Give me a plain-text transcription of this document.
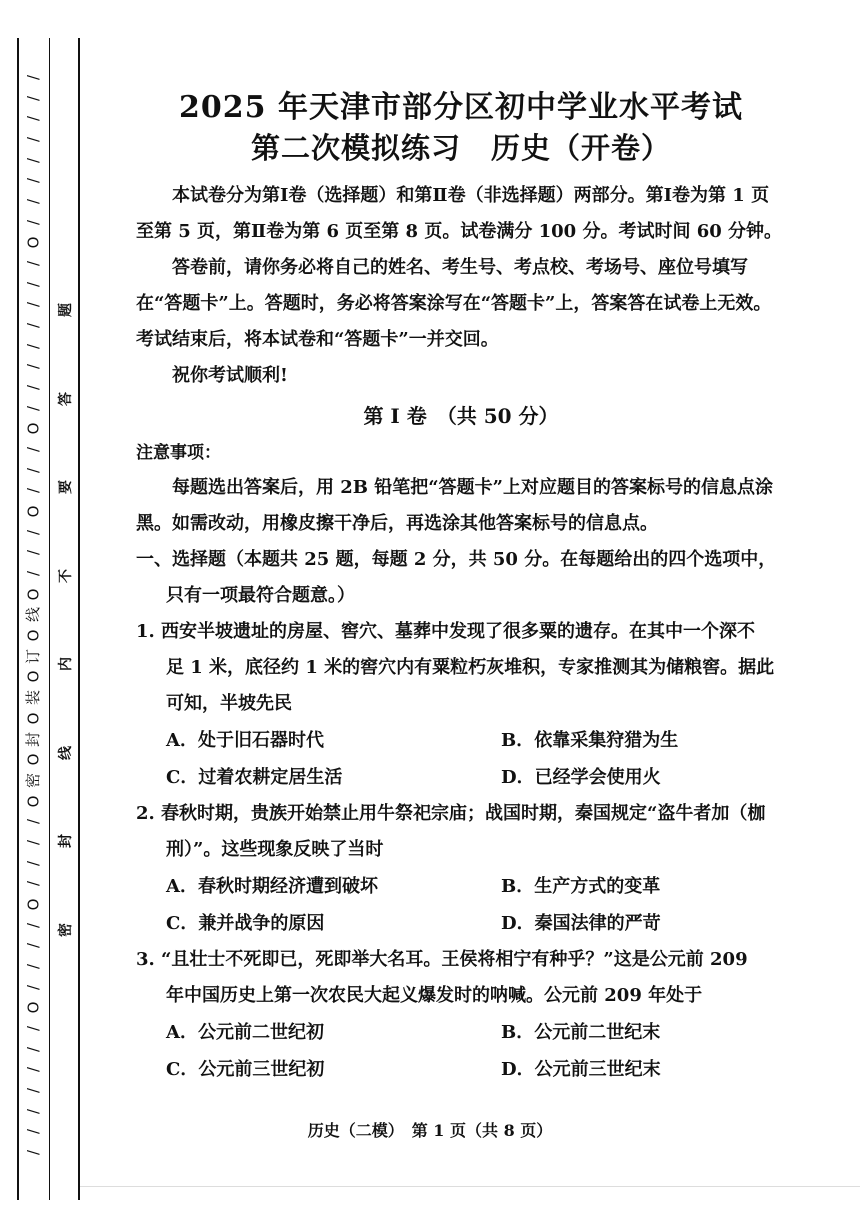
/
/
/
/
/
/
/
/
O
/
/
/
/
/
/
/
/
O
/
/
/
O
/
/
/
O
线
O
订
O
装
O
封
O
密
O
/
/
/
/
O
/
/
/
/
O
/
/
/
/
/
/
/
题
答
要
不
内
线
封
密
2025 年天津市部分区初中学业水平考试
第二次模拟练习　历史（开卷）

本试卷分为第Ⅰ卷（选择题）和第Ⅱ卷（非选择题）两部分。第Ⅰ卷为第 1 页至第 5 页，第Ⅱ卷为第 6 页至第 8 页。试卷满分 100 分。考试时间 60 分钟。

答卷前，请你务必将自己的姓名、考生号、考点校、考场号、座位号填写在“答题卡”上。答题时，务必将答案涂写在“答题卡”上，答案答在试卷上无效。考试结束后，将本试卷和“答题卡”一并交回。

祝你考试顺利!

第 Ⅰ 卷　（共 50 分）

注意事项：

每题选出答案后，用 2B 铅笔把“答题卡”上对应题目的答案标号的信息点涂黑。如需改动，用橡皮擦干净后，再选涂其他答案标号的信息点。

一、选择题（本题共 25 题，每题 2 分，共 50 分。在每题给出的四个选项中，

只有一项最符合题意。）

1. 西安半坡遗址的房屋、窖穴、墓葬中发现了很多粟的遗存。在其中一个深不
足 1 米，底径约 1 米的窖穴内有粟粒朽灰堆积，专家推测其为储粮窖。据此可知，半坡先民
A．处于旧石器时代	B．依靠采集狩猎为生
C．过着农耕定居生活	D．已经学会使用火
2. 春秋时期，贵族开始禁止用牛祭祀宗庙；战国时期，秦国规定“盗牛者加（枷
刑）”。这些现象反映了当时
A．春秋时期经济遭到破坏	B．生产方式的变革
C．兼并战争的原因	D．秦国法律的严苛
3. “且壮士不死即已，死即举大名耳。王侯将相宁有种乎？”这是公元前 209
年中国历史上第一次农民大起义爆发时的呐喊。公元前 209 年处于
A．公元前二世纪初	B．公元前二世纪末
C．公元前三世纪初	D．公元前三世纪末
历史（二模）　第 1 页（共 8 页）
